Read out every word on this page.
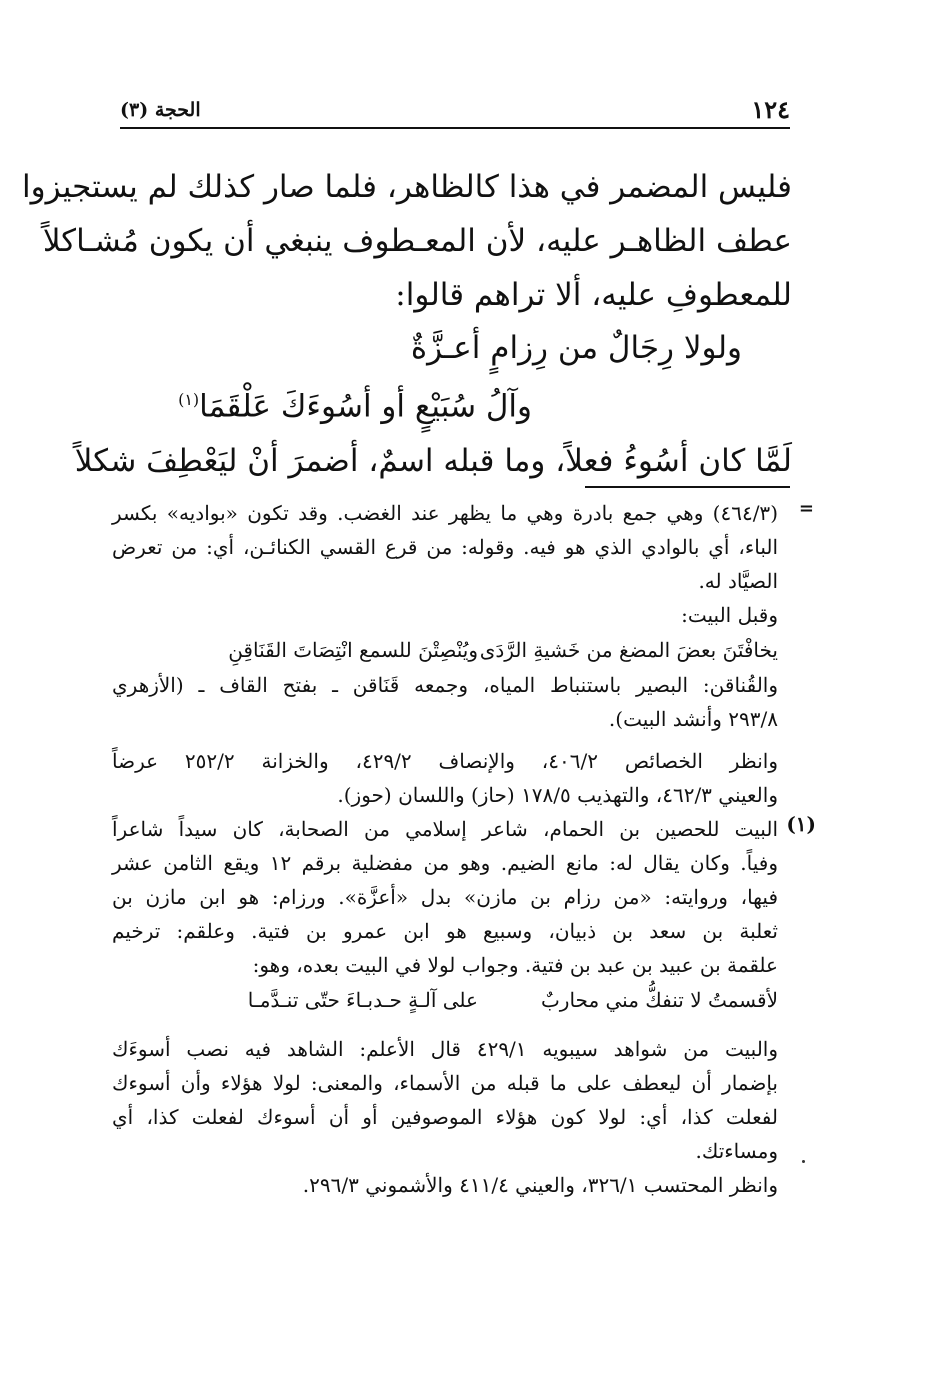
١٢٤
الحجة (٣)
فليس المضمر في هذا كالظاهر، فلما صار كذلك لم يستجيزوا
عطف الظاهـر عليه، لأن المعـطوف ينبغي أن يكون مُشـاكلاً
للمعطوفِ عليه، ألا تراهم قالوا:
ولولا رِجَالٌ من رِزامٍ أعـزَّةٌ
وآلُ سُبَيْعٍ أو أسُوءَكَ عَلْقَمَا$^{(١)}$
لَمَّا كان أسُوءُ فعلاً، وما قبله اسمٌ، أضمرَ أنْ ليَعْطِفَ شكلاً
=
(٤٦٤/٣) وهي جمع بادرة وهي ما يظهر عند الغضب. وقد تكون «بواديه» بكسر
الباء، أي بالوادي الذي هو فيه. وقوله: من قرع القسي الكنائـن، أي: من تعرض
الصيَّاد له.
وقبل البيت:
يخافْتَنَ بعضَ المضغ من خَشيةِ الرَّدَىويُنْصِتْنَ للسمع انْتِصَاتَ القَنَاقِنِ
والقُناقن: البصير باستنباط المياه، وجمعه قَنَاقن ـ بفتح القاف ـ (الأزهري
٢٩٣/٨ وأنشد البيت).
وانظر الخصائص ٤٠٦/٢، والإنصاف ٤٢٩/٢، والخزانة ٢٥٢/٢ عرضاً
والعيني ٤٦٢/٣، والتهذيب ١٧٨/٥ (حاز) واللسان (حوز).
(١)
البيت للحصين بن الحمام، شاعر إسلامي من الصحابة، كان سيداً شاعراً
وفياً. وكان يقال له: مانع الضيم. وهو من مفضلية برقم ١٢ ويقع الثامن عشر
فيها، وروايته: «من رزام بن مازن» بدل «أعزَّة». ورزام: هو ابن مازن بن
ثعلبة بن سعد بن ذبيان، وسبيع هو ابن عمرو بن فتية. وعلقم: ترخيم
علقمة بن عبيد بن عبد بن فتية. وجواب لولا في البيت بعده، وهو:
لأقسمتُ لا تنفكُّ مني محاربٌعلى آلـةٍ حـدبـاءَ حتّى تنـدَّمـا
والبيت من شواهد سيبويه ٤٢٩/١ قال الأعلم: الشاهد فيه نصب أسوءَك
بإضمار أن ليعطف على ما قبله من الأسماء، والمعنى: لولا هؤلاء وأن أسوءك
لفعلت كذا، أي: لولا كون هؤلاء الموصوفين أو أن أسوءك لفعلت كذا، أي
ومساءتك.
وانظر المحتسب ٣٢٦/١، والعيني ٤١١/٤ والأشموني ٢٩٦/٣.
